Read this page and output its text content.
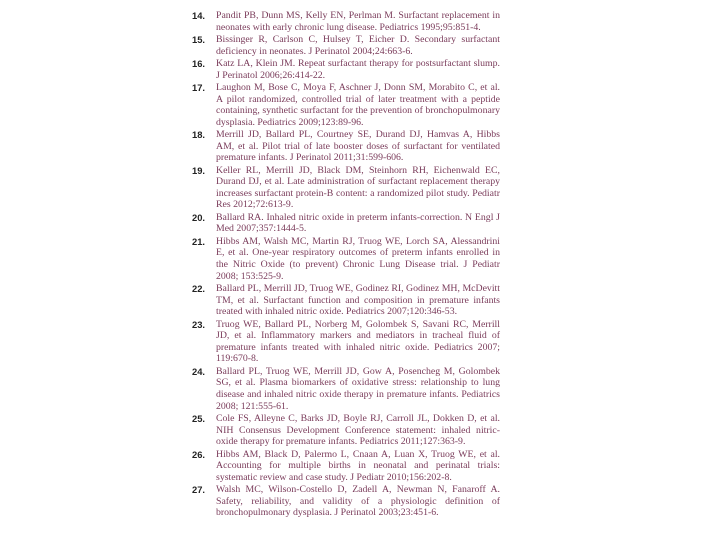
14. Pandit PB, Dunn MS, Kelly EN, Perlman M. Surfactant replacement in neonates with early chronic lung disease. Pediatrics 1995;95:851-4.
15. Bissinger R, Carlson C, Hulsey T, Eicher D. Secondary surfactant deficiency in neonates. J Perinatol 2004;24:663-6.
16. Katz LA, Klein JM. Repeat surfactant therapy for postsurfactant slump. J Perinatol 2006;26:414-22.
17. Laughon M, Bose C, Moya F, Aschner J, Donn SM, Morabito C, et al. A pilot randomized, controlled trial of later treatment with a peptide containing, synthetic surfactant for the prevention of bronchopulmonary dysplasia. Pediatrics 2009;123:89-96.
18. Merrill JD, Ballard PL, Courtney SE, Durand DJ, Hamvas A, Hibbs AM, et al. Pilot trial of late booster doses of surfactant for ventilated premature infants. J Perinatol 2011;31:599-606.
19. Keller RL, Merrill JD, Black DM, Steinhorn RH, Eichenwald EC, Durand DJ, et al. Late administration of surfactant replacement therapy increases surfactant protein-B content: a randomized pilot study. Pediatr Res 2012;72:613-9.
20. Ballard RA. Inhaled nitric oxide in preterm infants-correction. N Engl J Med 2007;357:1444-5.
21. Hibbs AM, Walsh MC, Martin RJ, Truog WE, Lorch SA, Alessandrini E, et al. One-year respiratory outcomes of preterm infants enrolled in the Nitric Oxide (to prevent) Chronic Lung Disease trial. J Pediatr 2008; 153:525-9.
22. Ballard PL, Merrill JD, Truog WE, Godinez RI, Godinez MH, McDevitt TM, et al. Surfactant function and composition in premature infants treated with inhaled nitric oxide. Pediatrics 2007;120:346-53.
23. Truog WE, Ballard PL, Norberg M, Golombek S, Savani RC, Merrill JD, et al. Inflammatory markers and mediators in tracheal fluid of premature infants treated with inhaled nitric oxide. Pediatrics 2007; 119:670-8.
24. Ballard PL, Truog WE, Merrill JD, Gow A, Posencheg M, Golombek SG, et al. Plasma biomarkers of oxidative stress: relationship to lung disease and inhaled nitric oxide therapy in premature infants. Pediatrics 2008; 121:555-61.
25. Cole FS, Alleyne C, Barks JD, Boyle RJ, Carroll JL, Dokken D, et al. NIH Consensus Development Conference statement: inhaled nitric-oxide therapy for premature infants. Pediatrics 2011;127:363-9.
26. Hibbs AM, Black D, Palermo L, Cnaan A, Luan X, Truog WE, et al. Accounting for multiple births in neonatal and perinatal trials: systematic review and case study. J Pediatr 2010;156:202-8.
27. Walsh MC, Wilson-Costello D, Zadell A, Newman N, Fanaroff A. Safety, reliability, and validity of a physiologic definition of bronchopulmonary dysplasia. J Perinatol 2003;23:451-6.
